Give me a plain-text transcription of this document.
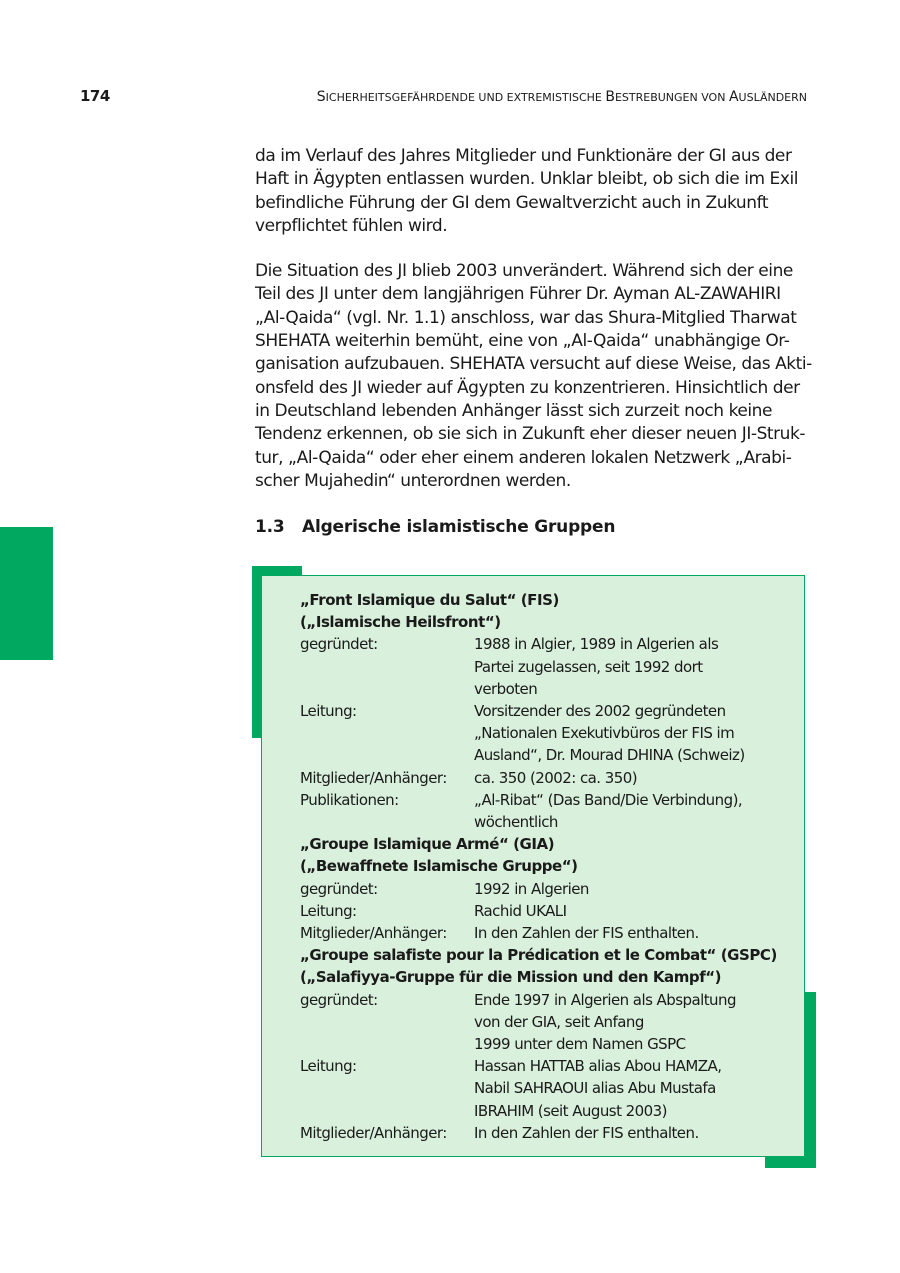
174	SICHERHEITSGEFÄHRDENDE UND EXTREMISTISCHE BESTREBUNGEN VON AUSLÄNDERN

da im Verlauf des Jahres Mitglieder und Funktionäre der GI aus der
Haft in Ägypten entlassen wurden. Unklar bleibt, ob sich die im Exil
befindliche Führung der GI dem Gewaltverzicht auch in Zukunft
verpflichtet fühlen wird.

Die Situation des JI blieb 2003 unverändert. Während sich der eine
Teil des JI unter dem langjährigen Führer Dr. Ayman AL-ZAWAHIRI
„Al-Qaida“ (vgl. Nr. 1.1) anschloss, war das Shura-Mitglied Tharwat
SHEHATA weiterhin bemüht, eine von „Al-Qaida“ unabhängige Or-
ganisation aufzubauen. SHEHATA versucht auf diese Weise, das Akti-
onsfeld des JI wieder auf Ägypten zu konzentrieren. Hinsichtlich der
in Deutschland lebenden Anhänger lässt sich zurzeit noch keine
Tendenz erkennen, ob sie sich in Zukunft eher dieser neuen JI-Struk-
tur, „Al-Qaida“ oder eher einem anderen lokalen Netzwerk „Arabi-
scher Mujahedin“ unterordnen werden.

1.3 Algerische islamistische Gruppen
„Front Islamique du Salut“ (FIS)
(„Islamische Heilsfront“)
gegründet:	1988 in Algier, 1989 in Algerien als
Partei zugelassen, seit 1992 dort
verboten
Leitung:	Vorsitzender des 2002 gegründeten
„Nationalen Exekutivbüros der FIS im
Ausland“, Dr. Mourad DHINA (Schweiz)
Mitglieder/Anhänger:	ca. 350 (2002: ca. 350)
Publikationen:	„Al-Ribat“ (Das Band/Die Verbindung),
wöchentlich
„Groupe Islamique Armé“ (GIA)
(„Bewaffnete Islamische Gruppe“)
gegründet:	1992 in Algerien
Leitung:	Rachid UKALI
Mitglieder/Anhänger:	In den Zahlen der FIS enthalten.
„Groupe salafiste pour la Prédication et le Combat“ (GSPC)
(„Salafiyya-Gruppe für die Mission und den Kampf“)
gegründet:	Ende 1997 in Algerien als Abspaltung
von der GIA, seit Anfang
1999 unter dem Namen GSPC
Leitung:	Hassan HATTAB alias Abou HAMZA,
Nabil SAHRAOUI alias Abu Mustafa
IBRAHIM (seit August 2003)
Mitglieder/Anhänger:	In den Zahlen der FIS enthalten.
